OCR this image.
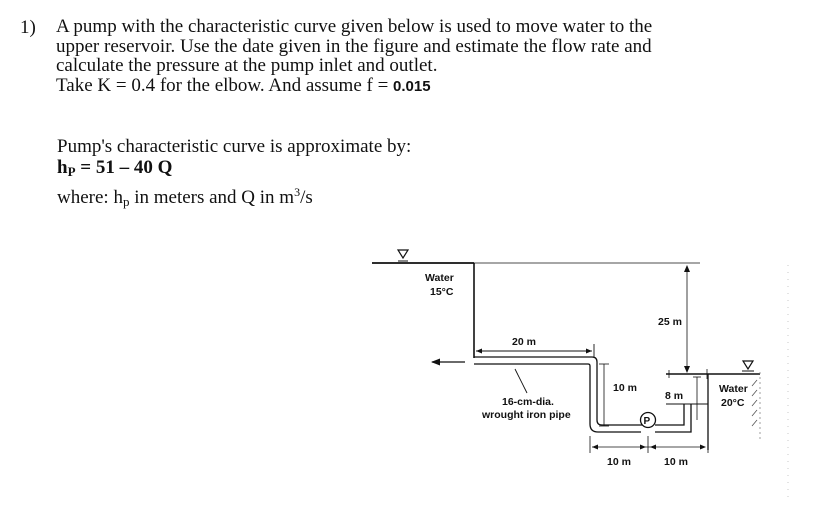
1) A pump with the characteristic curve given below is used to move water to the
upper reservoir. Use the date given in the figure and estimate the flow rate and
calculate the pressure at the pump inlet and outlet.
Take K = 0.4 for the elbow. And assume f = 0.015
Pump's characteristic curve is approximate by:
$h_P = 51 - 40$ Q
where: $h_p$ in meters and Q in $m^3/s$
Water
15°C
20 m
16-cm-dia.
wrought iron pipe
10 m
P
25 m
Water
20°C
8 m
10 m	10 m
